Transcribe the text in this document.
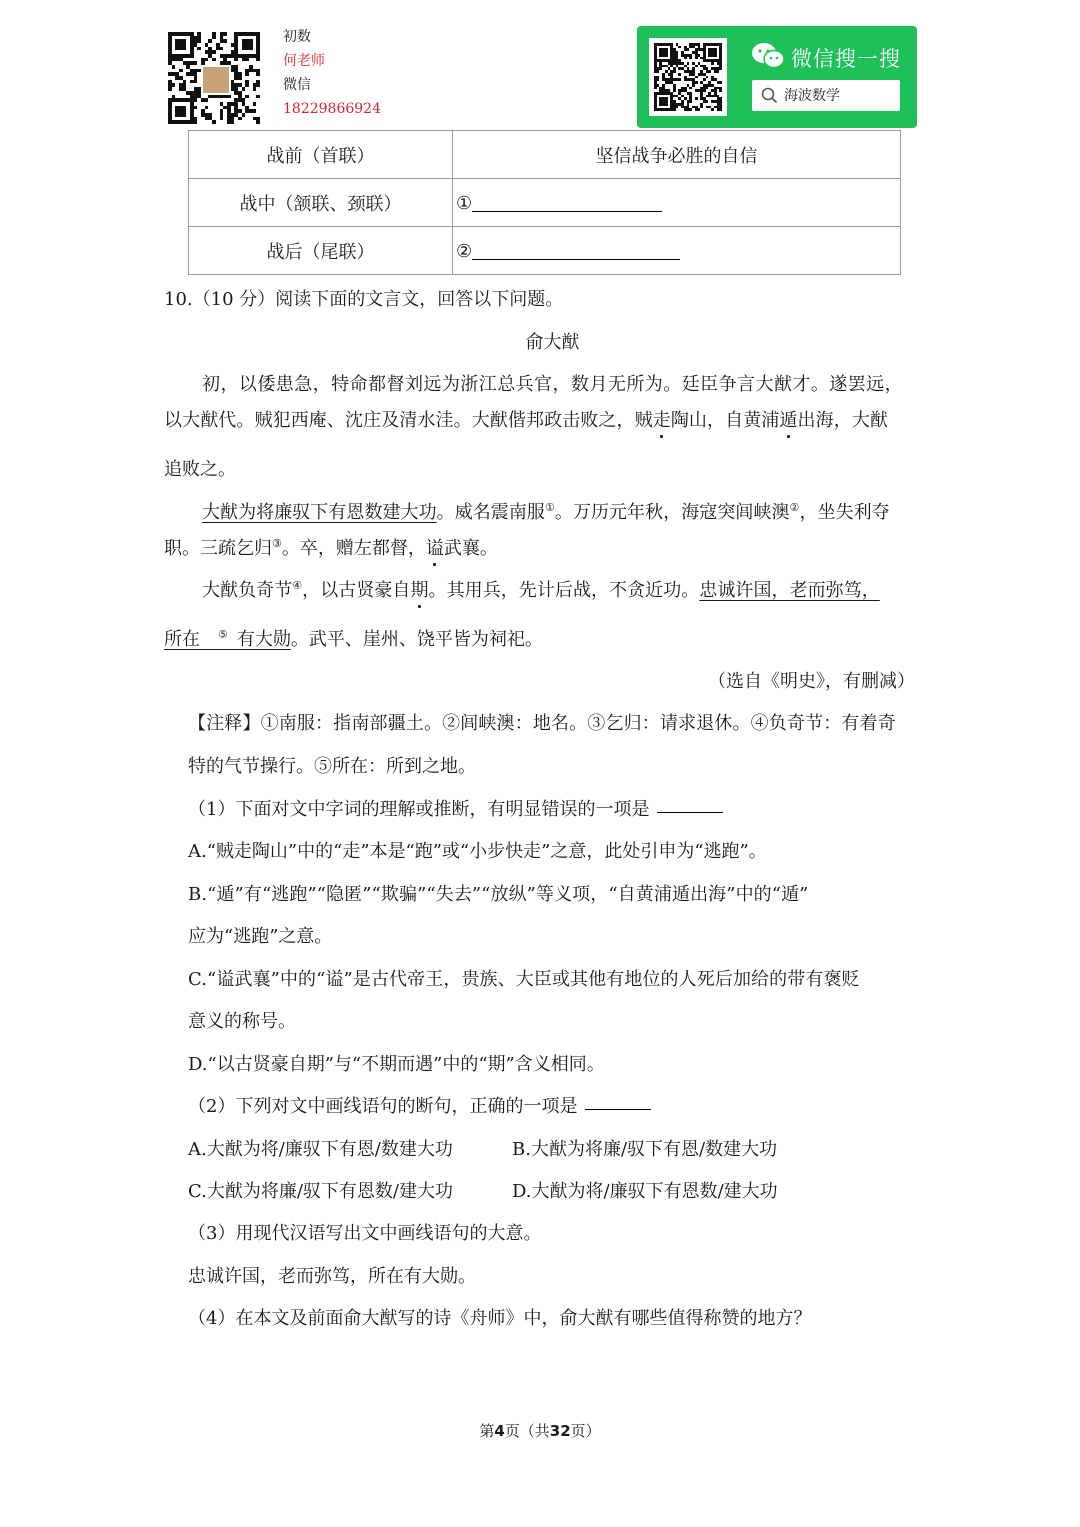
初数
何老师
微信
18229866924
微信搜一搜
海波数学
战前（首联）	坚信战争必胜的自信
战中（颔联、颈联）	①
战后（尾联）	②
10.（10 分）阅读下面的文言文，回答以下问题。
俞大猷
初，以倭患急，特命都督刘远为浙江总兵官，数月无所为。廷臣争言大猷才。遂罢远，
以大猷代。贼犯西庵、沈庄及清水洼。大猷偕邦政击败之，贼走陶山，自黄浦遁出海，大猷
追败之。
大猷为将廉驭下有恩数建大功。威名震南服①。万历元年秋，海寇突闾峡澳②，坐失利夺
职。三疏乞归③。卒，赠左都督，谥武襄。
大猷负奇节④，以古贤豪自期。其用兵，先计后战，不贪近功。忠诚许国，老而弥笃，
所在  ⑤  有大勋。武平、崖州、饶平皆为祠祀。
（选自《明史》，有删减）
【注释】①南服：指南部疆土。②闾峡澳：地名。③乞归：请求退休。④负奇节：有着奇
特的气节操行。⑤所在：所到之地。
（1）下面对文中字词的理解或推断，有明显错误的一项是
A.“贼走陶山”中的“走”本是“跑”或“小步快走”之意，此处引申为“逃跑”。
B.“遁”有“逃跑”“隐匿”“欺骗”“失去”“放纵”等义项，“自黄浦遁出海”中的“遁”
应为“逃跑”之意。
C.“谥武襄”中的“谥”是古代帝王，贵族、大臣或其他有地位的人死后加给的带有褒贬
意义的称号。
D.“以古贤豪自期”与“不期而遇”中的“期”含义相同。
（2）下列对文中画线语句的断句，正确的一项是
A.大猷为将/廉驭下有恩/数建大功	B.大猷为将廉/驭下有恩/数建大功
C.大猷为将廉/驭下有恩数/建大功	D.大猷为将/廉驭下有恩数/建大功
（3）用现代汉语写出文中画线语句的大意。
忠诚许国，老而弥笃，所在有大勋。
（4）在本文及前面俞大猷写的诗《舟师》中，俞大猷有哪些值得称赞的地方？
第4页（共32页）
